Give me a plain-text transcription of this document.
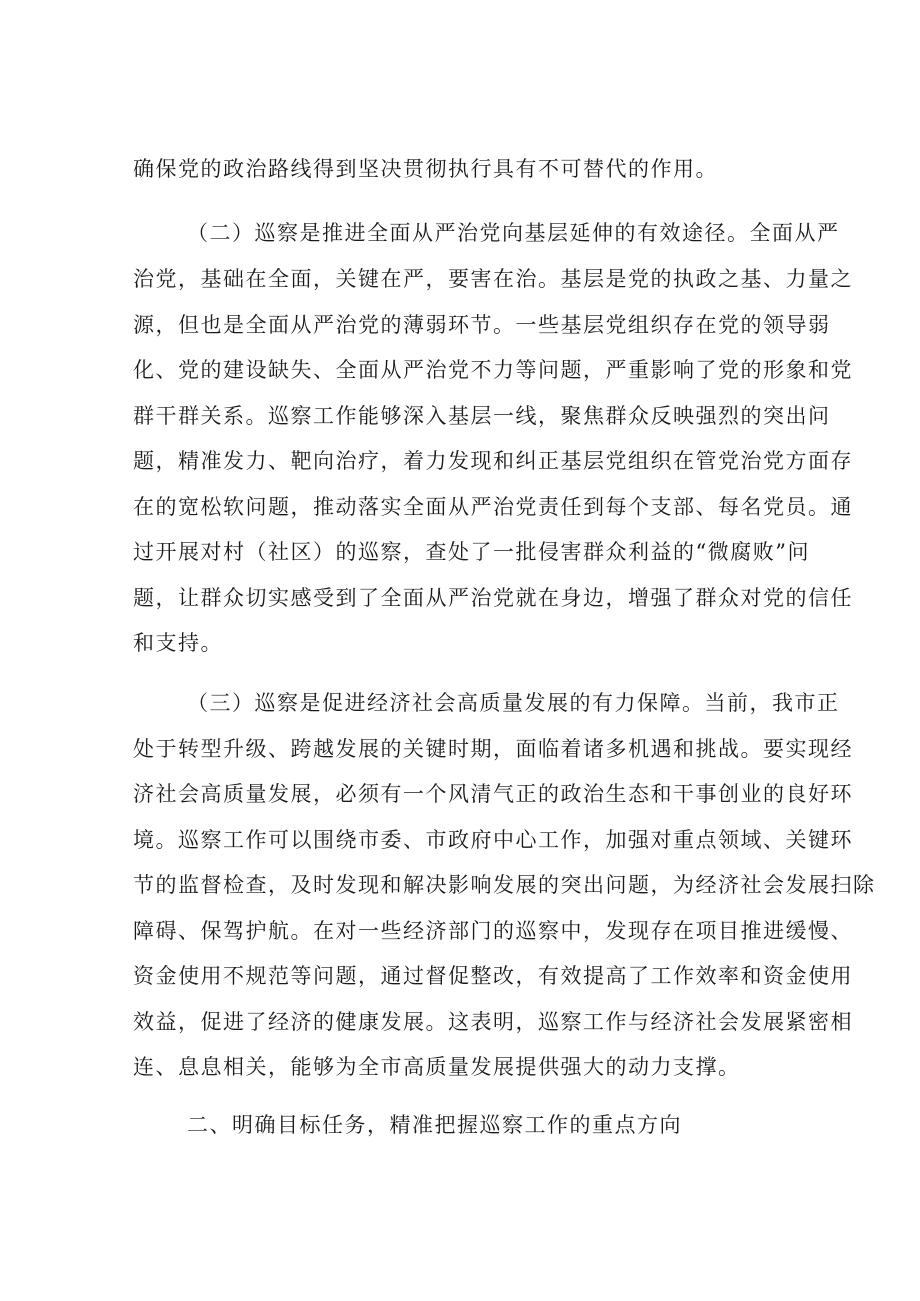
确保党的政治路线得到坚决贯彻执行具有不可替代的作用。
（二）巡察是推进全面从严治党向基层延伸的有效途径。全面从严
治党，基础在全面，关键在严，要害在治。基层是党的执政之基、力量之
源，但也是全面从严治党的薄弱环节。一些基层党组织存在党的领导弱
化、党的建设缺失、全面从严治党不力等问题，严重影响了党的形象和党
群干群关系。巡察工作能够深入基层一线，聚焦群众反映强烈的突出问
题，精准发力、靶向治疗，着力发现和纠正基层党组织在管党治党方面存
在的宽松软问题，推动落实全面从严治党责任到每个支部、每名党员。通
过开展对村（社区）的巡察，查处了一批侵害群众利益的“微腐败”问
题，让群众切实感受到了全面从严治党就在身边，增强了群众对党的信任
和支持。
（三）巡察是促进经济社会高质量发展的有力保障。当前，我市正
处于转型升级、跨越发展的关键时期，面临着诸多机遇和挑战。要实现经
济社会高质量发展，必须有一个风清气正的政治生态和干事创业的良好环
境。巡察工作可以围绕市委、市政府中心工作，加强对重点领域、关键环
节的监督检查，及时发现和解决影响发展的突出问题，为经济社会发展扫除
障碍、保驾护航。在对一些经济部门的巡察中，发现存在项目推进缓慢、
资金使用不规范等问题，通过督促整改，有效提高了工作效率和资金使用
效益，促进了经济的健康发展。这表明，巡察工作与经济社会发展紧密相
连、息息相关，能够为全市高质量发展提供强大的动力支撑。
二、明确目标任务，精准把握巡察工作的重点方向
